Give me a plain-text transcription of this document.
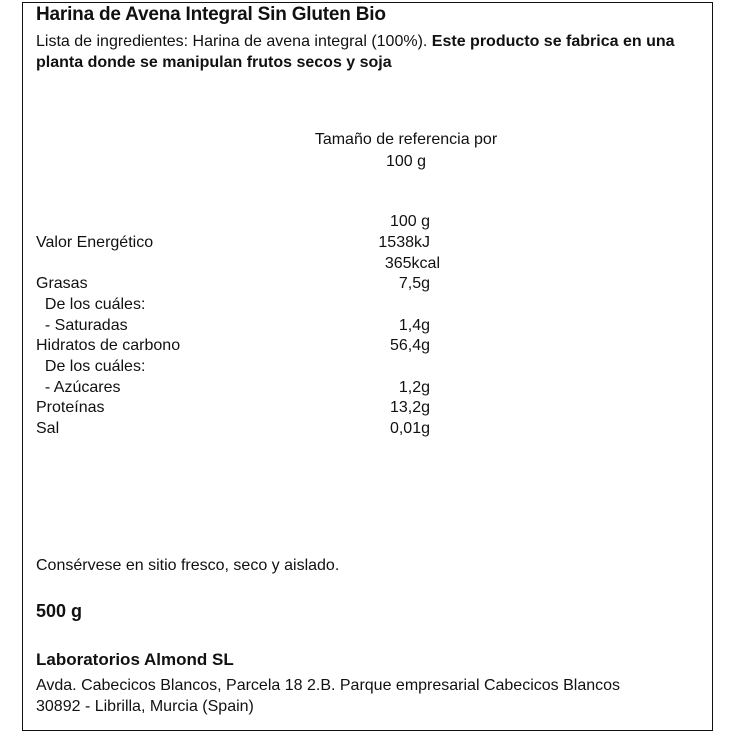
Harina de Avena Integral Sin Gluten Bio
Lista de ingredientes: Harina de avena integral (100%). Este producto se fabrica en una planta donde se manipulan frutos secos y soja
Tamaño de referencia por
100 g
100 g
Valor Energético	1538kJ
365kcal
Grasas	7,5g
De los cuáles:
- Saturadas	1,4g
Hidratos de carbono	56,4g
De los cuáles:
- Azúcares	1,2g
Proteínas	13,2g
Sal	0,01g
Consérvese en sitio fresco, seco y aislado.
500 g
Laboratorios Almond SL
Avda. Cabecicos Blancos, Parcela 18 2.B. Parque empresarial Cabecicos Blancos
30892 - Librilla, Murcia (Spain)
